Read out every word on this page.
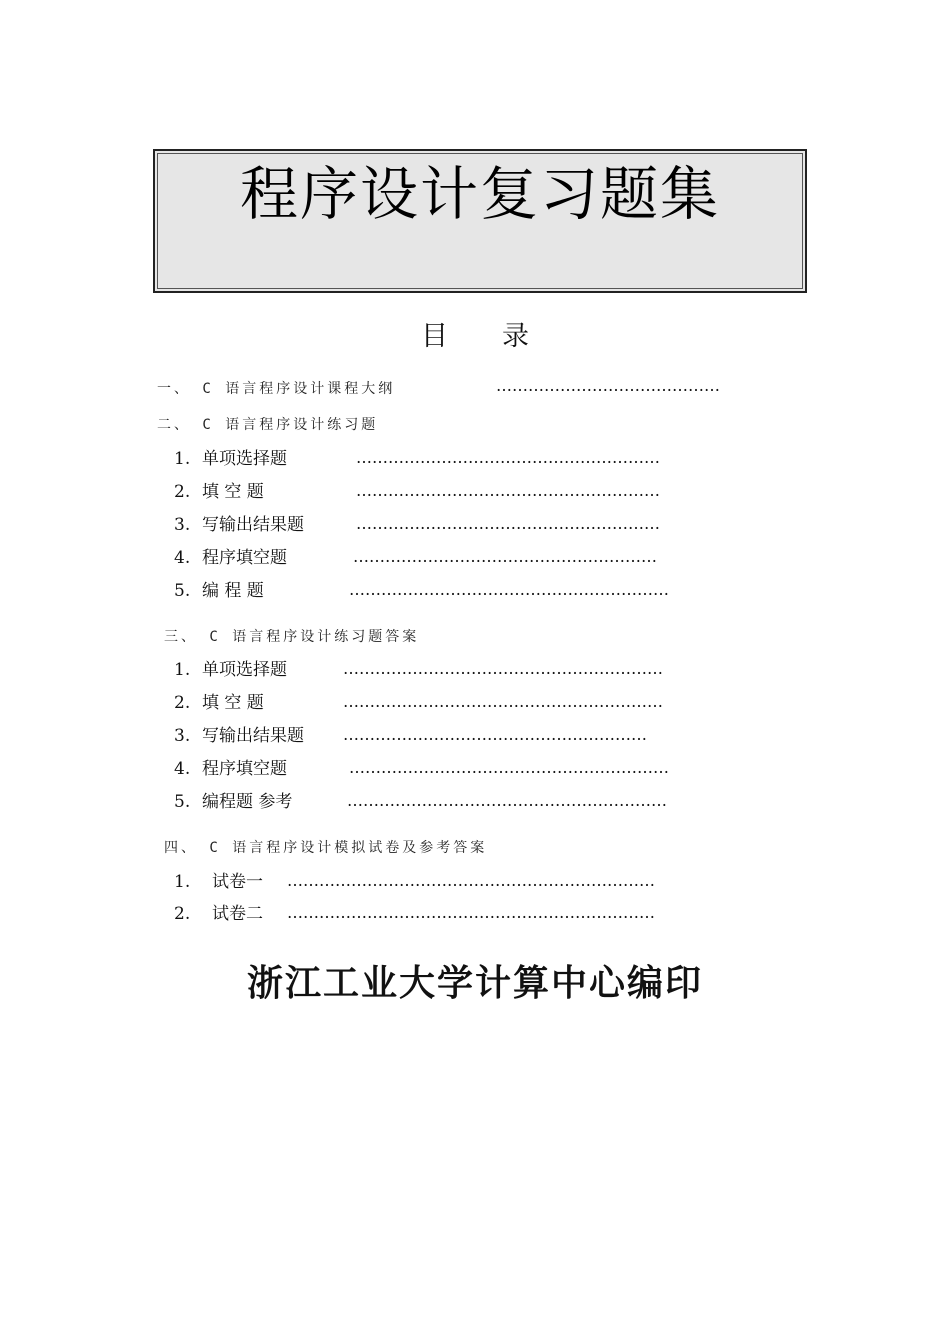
程序设计复习题集
目　　录
一、 C 语言程序设计课程大纲	……………………………………
二、 C 语言程序设计练习题
1. 单项选择题	…………………………………………………
2. 填 空 题	…………………………………………………
3. 写输出结果题	…………………………………………………
4. 程序填空题	…………………………………………………
5. 编 程 题	……………………………………………………
三、 C 语言程序设计练习题答案
1. 单项选择题	……………………………………………………
2. 填 空 题	……………………………………………………
3. 写输出结果题 …………………………………………………
4. 程序填空题	……………………………………………………
5. 编程题 参考	……………………………………………………
四、 C 语言程序设计模拟试卷及参考答案
1. 试卷一 ……………………………………………………………
2. 试卷二 ……………………………………………………………
浙江工业大学计算中心编印
